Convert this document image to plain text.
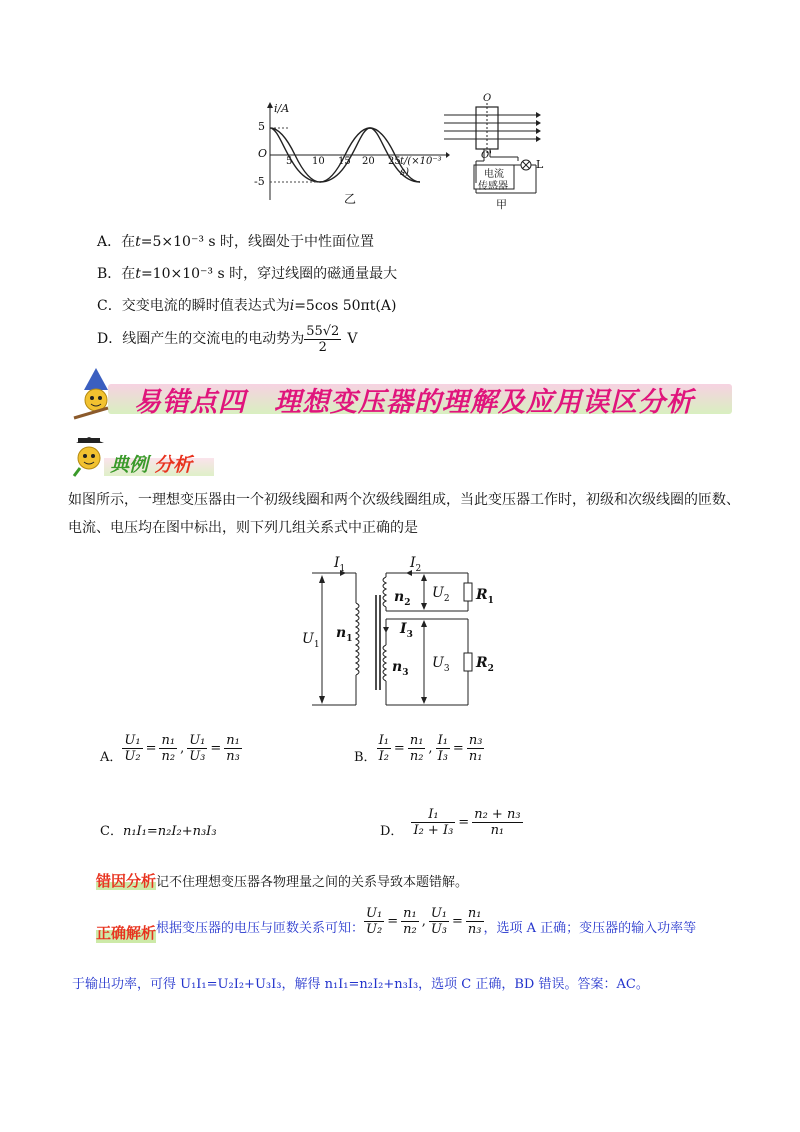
i/A
5
O
-5
5 10 15 20 25 t/(×10⁻³ s)
乙
O
O'
电流
传感器
L
甲
A．在t=5×10⁻³ s 时，线圈处于中性面位置
B．在t=10×10⁻³ s 时，穿过线圈的磁通量最大
C．交变电流的瞬时值表达式为i=5cos 50πt(A)
D．线圈产生的交流电的电动势为 $\frac{55√2}{2}$ V
易错点四　理想变压器的理解及应用误区分析
典例 分析
如图所示，一理想变压器由一个初级线圈和两个次级线圈组成，当此变压器工作时，初级和次级线圈的匝数、
电流、电压均在图中标出，则下列几组关系式中正确的是
$I_1$
$U_1$
$n_1$
$I_2$
$n_2$
$U_2$ $R_1$
$I_3$
$n_3$
$U_3$ $R_2$
A． $\frac{\text{U₁}}{\text{U₂}} = \frac{\text{n₁}}{\text{n₂}}$ , $\frac{\text{U₁}}{\text{U₃}} = \frac{\text{n₁}}{\text{n₃}}$	B． $\frac{\text{I₁}}{\text{I₂}} = \frac{\text{n₁}}{\text{n₂}}$ , $\frac{\text{I₁}}{\text{I₃}} = \frac{\text{n₃}}{\text{n₁}}$
C．n₁I₁=n₂I₂+n₃I₃	D． $\frac{\text{I₁}}{\text{I₂ + I₃}} = \frac{\text{n₂ + n₃}}{\text{n₁}}$
错因分析记不住理想变压器各物理量之间的关系导致本题错解。
正确解析 根据变压器的电压与匝数关系可知： $\frac{\text{U₁}}{\text{U₂}} = \frac{\text{n₁}}{\text{n₂}}$ , $\frac{\text{U₁}}{\text{U₃}} = \frac{\text{n₁}}{\text{n₃}}$ ，选项 A 正确；变压器的输入功率等
于输出功率，可得 U₁I₁=U₂I₂+U₃I₃，解得 n₁I₁=n₂I₂+n₃I₃，选项 C 正确，BD 错误。答案：AC。
